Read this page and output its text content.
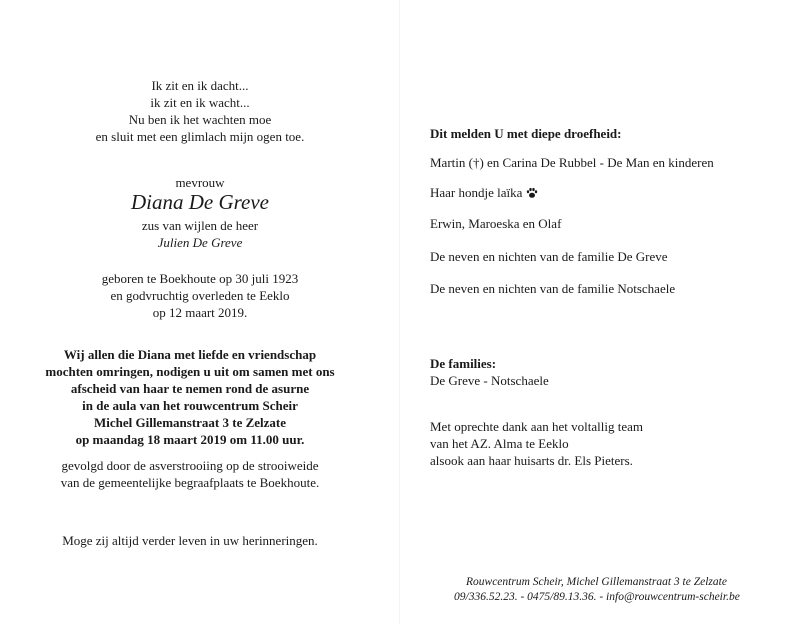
Ik zit en ik dacht...
ik zit en ik wacht...
Nu ben ik het wachten moe
en sluit met een glimlach mijn ogen toe.
mevrouw
Diana De Greve
zus van wijlen de heer
Julien De Greve
geboren te Boekhoute op 30 juli 1923
en godvruchtig overleden te Eeklo
op 12 maart 2019.
Wij allen die Diana met liefde en vriendschap
mochten omringen, nodigen u uit om samen met ons
afscheid van haar te nemen rond de asurne
in de aula van het rouwcentrum Scheir
Michel Gillemanstraat 3 te Zelzate
op maandag 18 maart 2019 om 11.00 uur.
gevolgd door de asverstrooiing op de strooiweide
van de gemeentelijke begraafplaats te Boekhoute.
Moge zij altijd verder leven in uw herinneringen.
Dit melden U met diepe droefheid:
Martin (†) en Carina De Rubbel - De Man en kinderen
Haar hondje laïka
Erwin, Maroeska en Olaf
De neven en nichten van de familie De Greve
De neven en nichten van de familie Notschaele
De families:
De Greve - Notschaele
Met oprechte dank aan het voltallig team
van het AZ. Alma te Eeklo
alsook aan haar huisarts dr. Els Pieters.
Rouwcentrum Scheir, Michel Gillemanstraat 3 te Zelzate
09/336.52.23. - 0475/89.13.36. - info@rouwcentrum-scheir.be
